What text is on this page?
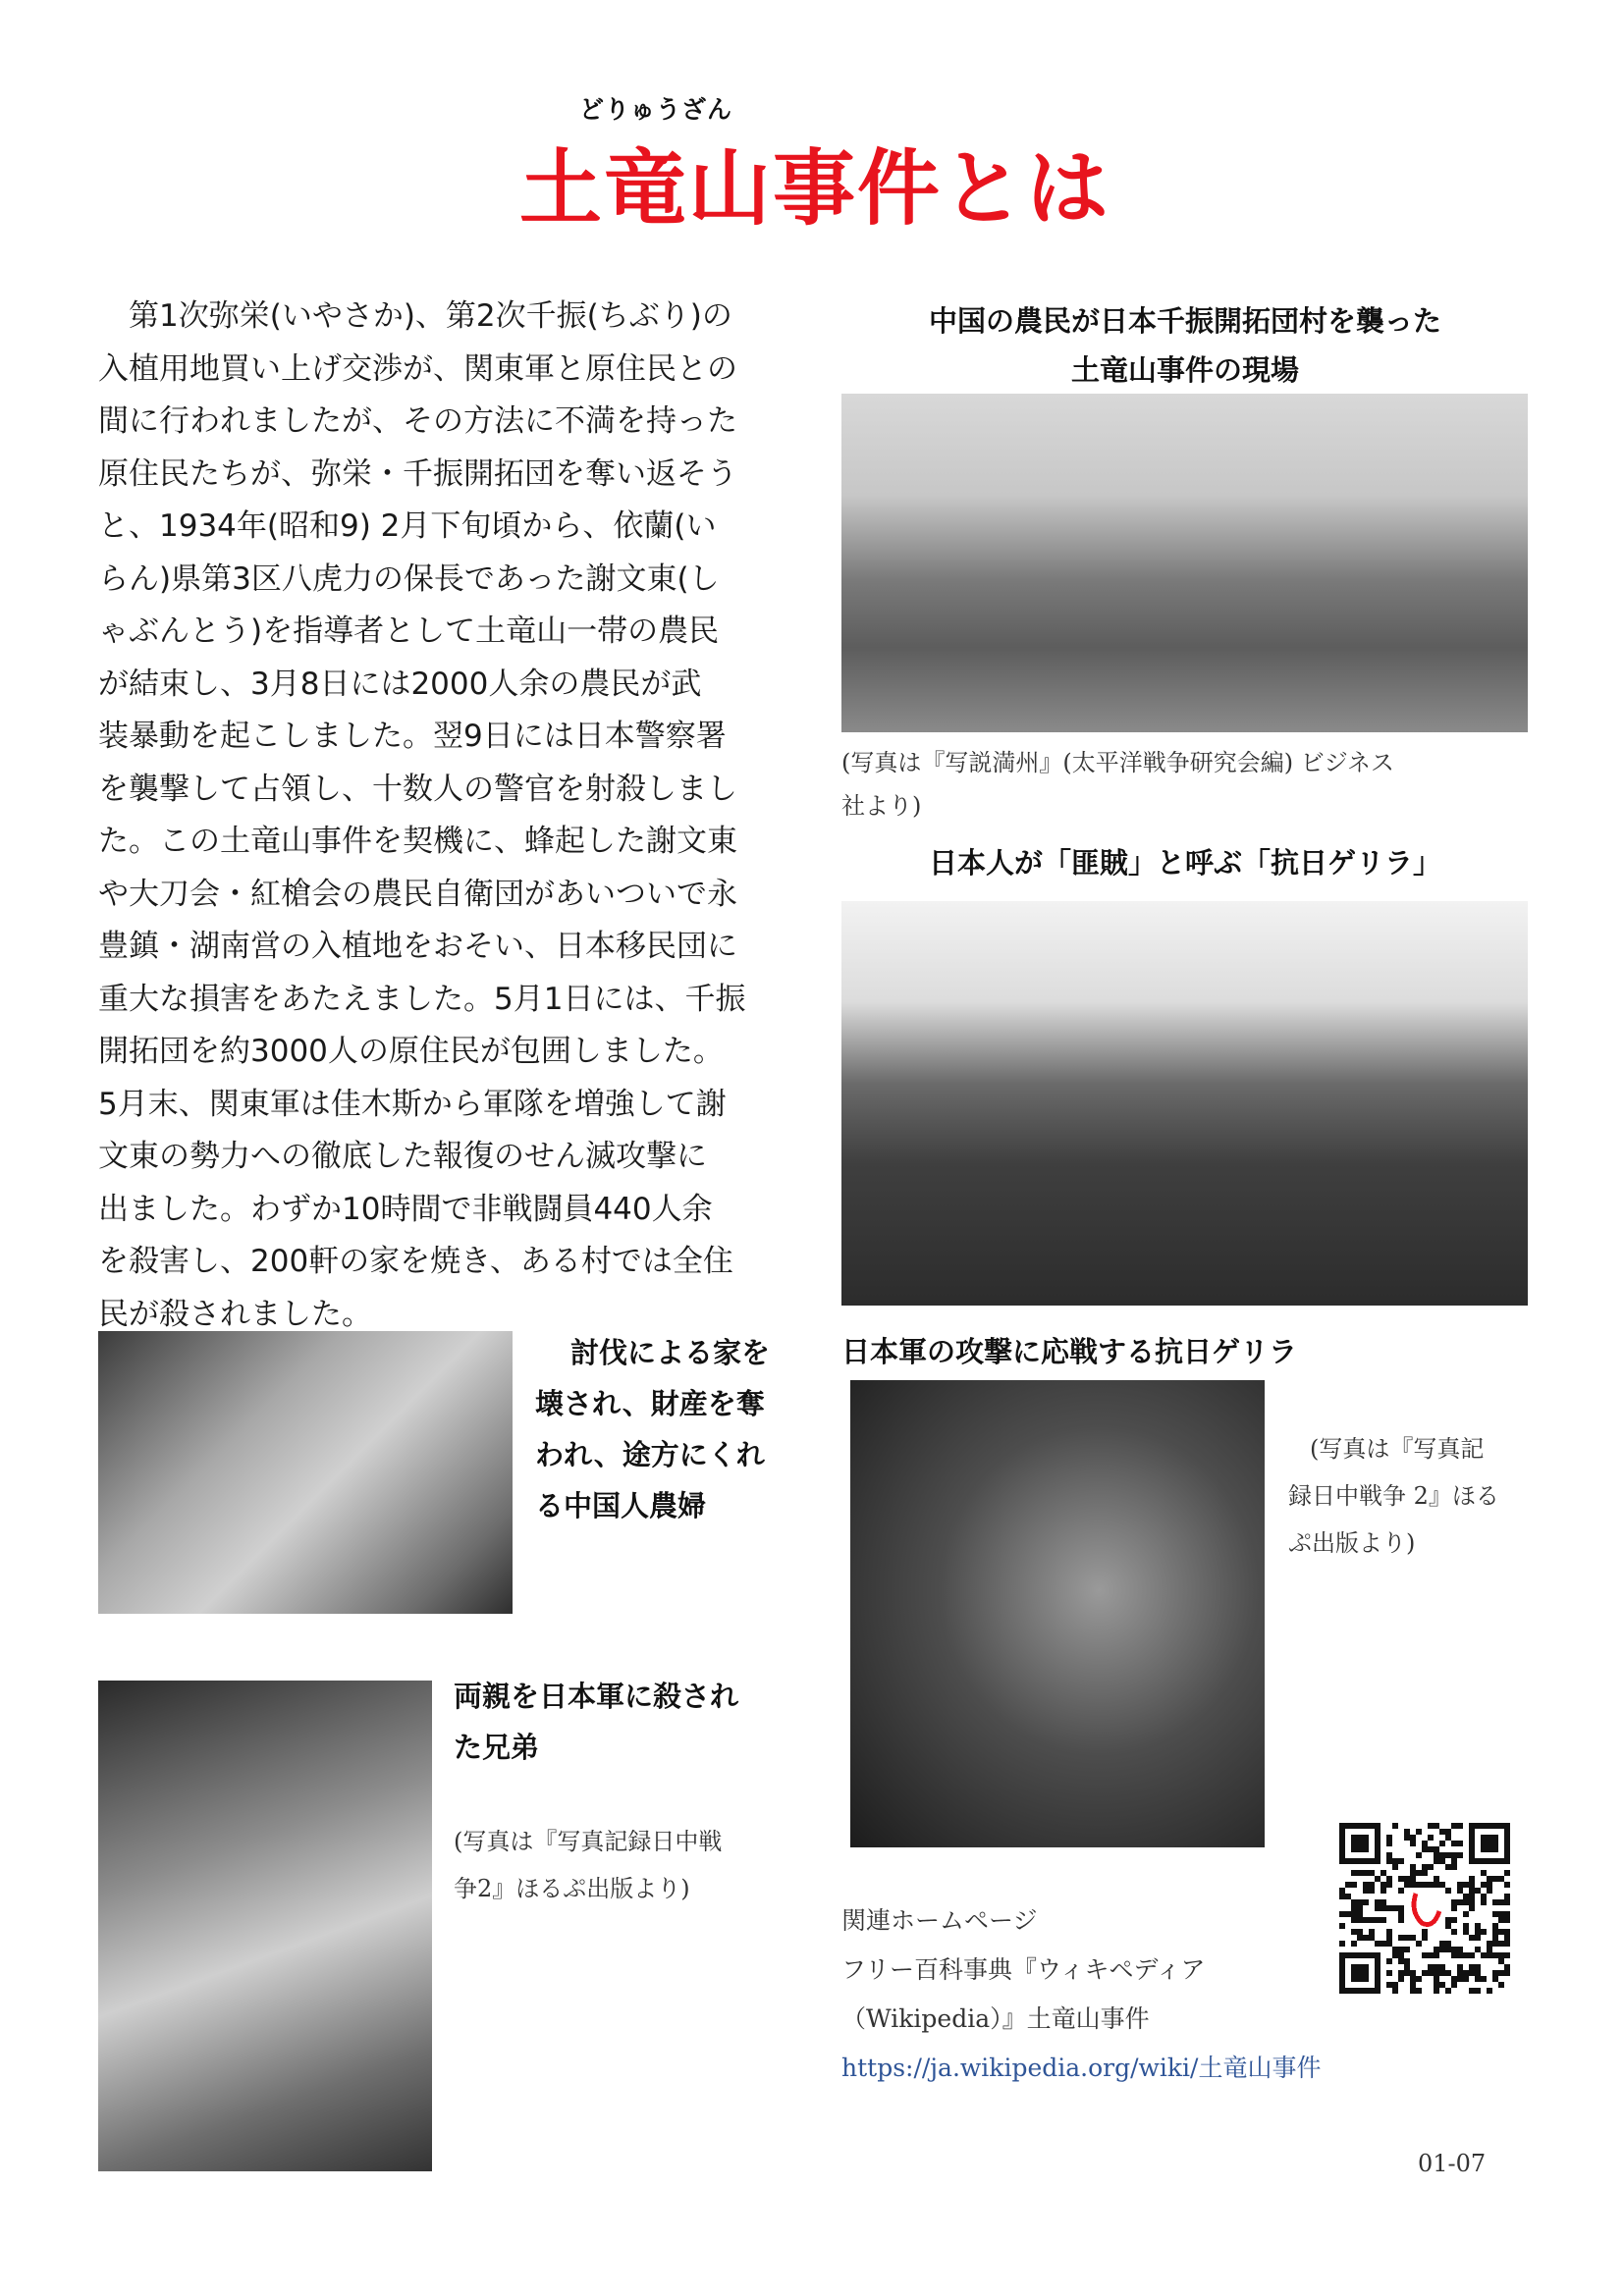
どりゅうざん
土竜山事件とは
　第1次弥栄(いやさか)、第2次千振(ちぶり)の
入植用地買い上げ交渉が、関東軍と原住民との
間に行われましたが、その方法に不満を持った
原住民たちが、弥栄・千振開拓団を奪い返そう
と、1934年(昭和9) 2月下旬頃から、依蘭(い
らん)県第3区八虎力の保長であった謝文東(し
ゃぶんとう)を指導者として土竜山一帯の農民
が結束し、3月8日には2000人余の農民が武
装暴動を起こしました。翌9日には日本警察署
を襲撃して占領し、十数人の警官を射殺しまし
た。この土竜山事件を契機に、蜂起した謝文東
や大刀会・紅槍会の農民自衛団があいついで永
豊鎮・湖南営の入植地をおそい、日本移民団に
重大な損害をあたえました。5月1日には、千振
開拓団を約3000人の原住民が包囲しました。
5月末、関東軍は佳木斯から軍隊を増強して謝
文東の勢力への徹底した報復のせん滅攻撃に
出ました。わずか10時間で非戦闘員440人余
を殺害し、200軒の家を焼き、ある村では全住
民が殺されました。
中国の農民が日本千振開拓団村を襲った
土竜山事件の現場
(写真は『写説満州』(太平洋戦争研究会編) ビジネス
社より)
日本人が「匪賊」と呼ぶ「抗日ゲリラ」
討伐による家を
壊され、財産を奪
われ、途方にくれ
る中国人農婦
日本軍の攻撃に応戦する抗日ゲリラ
(写真は『写真記
録日中戦争 2』ほる
ぷ出版より)
両親を日本軍に殺され
た兄弟
(写真は『写真記録日中戦
争2』ほるぷ出版より)
関連ホームページ
フリー百科事典『ウィキペディア
（Wikipedia）』土竜山事件
https://ja.wikipedia.org/wiki/土竜山事件
01-07
